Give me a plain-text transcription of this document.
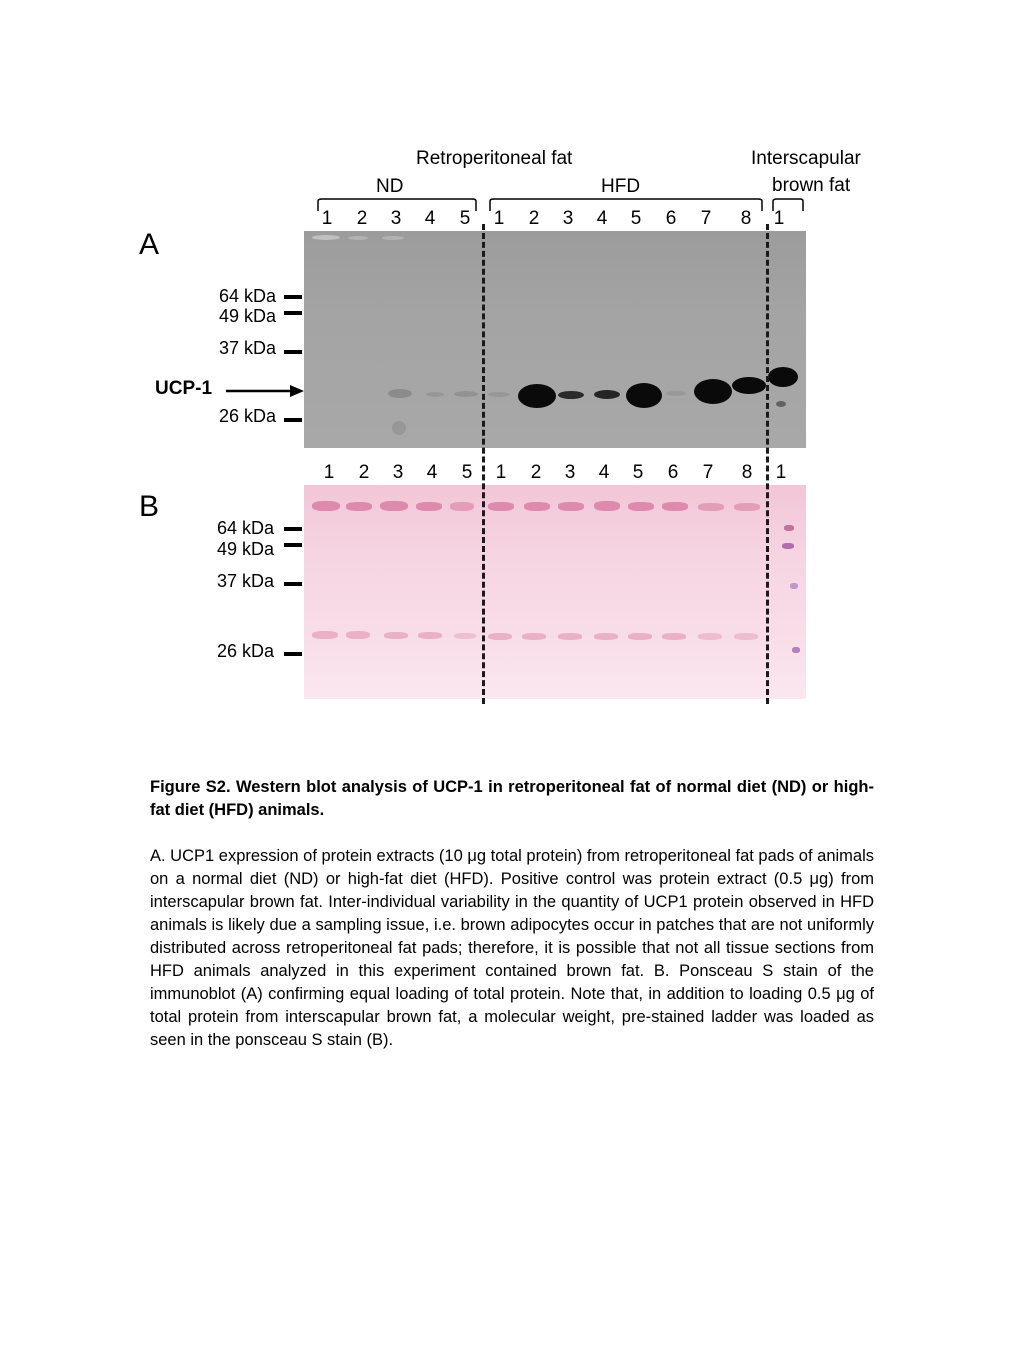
Retroperitoneal fat
ND	HFD
Interscapular
brown fat
1 2 3 4 5 1 2 3 4 5 6 7 8 1
A
64 kDa
49 kDa
37 kDa
26 kDa
UCP-1
1 2 3 4 5 1 2 3 4 5 6 7 8 1
B
64 kDa
49 kDa
37 kDa
26 kDa
Figure S2. Western blot analysis of UCP-1 in retroperitoneal fat of normal diet (ND) or high-fat diet (HFD) animals.
A. UCP1 expression of protein extracts (10 μg total protein) from retroperitoneal fat pads of animals on a normal diet (ND) or high-fat diet (HFD). Positive control was protein extract (0.5 μg) from interscapular brown fat. Inter-individual variability in the quantity of UCP1 protein observed in HFD animals is likely due a sampling issue, i.e. brown adipocytes occur in patches that are not uniformly distributed across retroperitoneal fat pads; therefore, it is possible that not all tissue sections from HFD animals analyzed in this experiment contained brown fat. B. Ponsceau S stain of the immunoblot (A) confirming equal loading of total protein. Note that, in addition to loading 0.5 μg of total protein from interscapular brown fat, a molecular weight, pre-stained ladder was loaded as seen in the ponsceau S stain (B).
